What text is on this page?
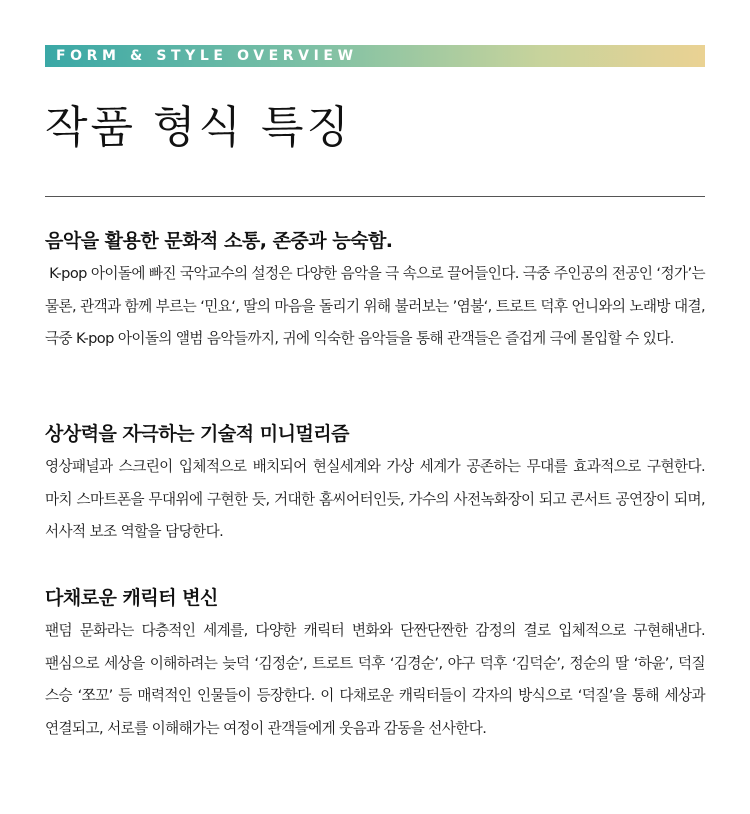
FORM & STYLE OVERVIEW
작품 형식 특징
음악을 활용한 문화적 소통, 존중과 능숙함.

K-pop 아이돌에 빠진 국악교수의 설정은 다양한 음악을 극 속으로 끌어들인다. 극중 주인공의 전공인 ‘정가’는 물론, 관객과 함께 부르는 ‘민요‘, 딸의 마음을 돌리기 위해 불러보는 ’염불‘, 트로트 덕후 언니와의 노래방 대결, 극중 K-pop 아이돌의 앨범 음악들까지, 귀에 익숙한 음악들을 통해 관객들은 즐겁게 극에 몰입할 수 있다.

상상력을 자극하는 기술적 미니멀리즘

영상패널과 스크린이 입체적으로 배치되어 현실세계와 가상 세계가 공존하는 무대를 효과적으로 구현한다. 마치 스마트폰을 무대위에 구현한 듯, 거대한 홈씨어터인듯, 가수의 사전녹화장이 되고 콘서트 공연장이 되며, 서사적 보조 역할을 담당한다.

다채로운 캐릭터 변신

팬덤 문화라는 다층적인 세계를, 다양한 캐릭터 변화와 단짠단짠한 감정의 결로 입체적으로 구현해낸다. 팬심으로 세상을 이해하려는 늦덕 ‘김정순’, 트로트 덕후 ‘김경순’, 야구 덕후 ‘김덕순’, 정순의 딸 ‘하윤’, 덕질 스승 ‘쪼꼬’ 등 매력적인 인물들이 등장한다. 이 다채로운 캐릭터들이 각자의 방식으로 ‘덕질’을 통해 세상과 연결되고, 서로를 이해해가는 여정이 관객들에게 웃음과 감동을 선사한다.
